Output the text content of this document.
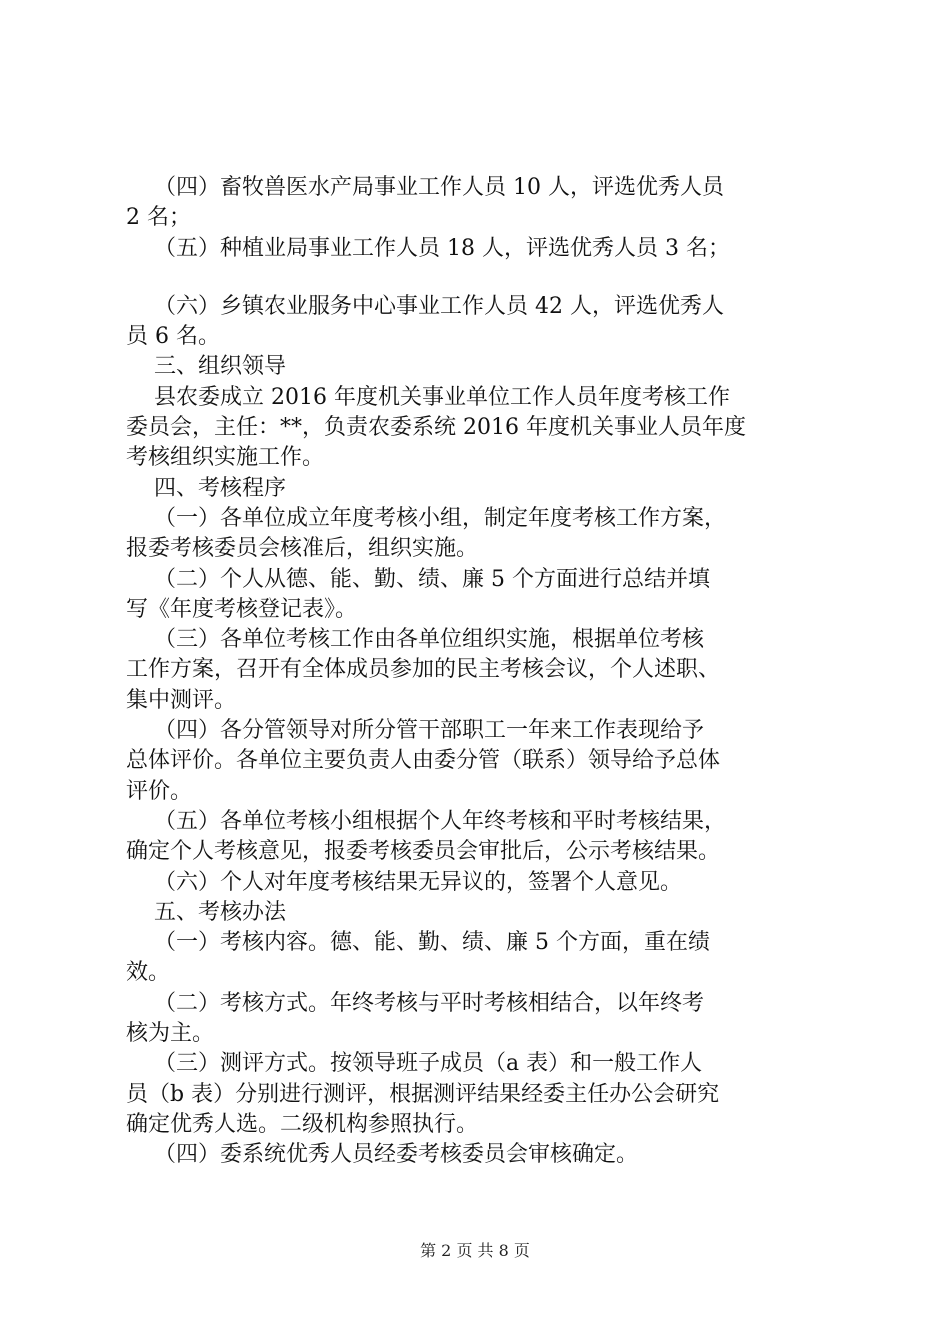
（四）畜牧兽医水产局事业工作人员 10 人，评选优秀人员
2 名；
（五）种植业局事业工作人员 18 人，评选优秀人员 3 名；
（六）乡镇农业服务中心事业工作人员 42 人，评选优秀人
员 6 名。
三、组织领导
县农委成立 2016 年度机关事业单位工作人员年度考核工作
委员会，主任：**，负责农委系统 2016 年度机关事业人员年度
考核组织实施工作。
四、考核程序
（一）各单位成立年度考核小组，制定年度考核工作方案，
报委考核委员会核准后，组织实施。
（二）个人从德、能、勤、绩、廉 5 个方面进行总结并填
写《年度考核登记表》。
（三）各单位考核工作由各单位组织实施，根据单位考核
工作方案，召开有全体成员参加的民主考核会议，个人述职、
集中测评。
（四）各分管领导对所分管干部职工一年来工作表现给予
总体评价。各单位主要负责人由委分管（联系）领导给予总体
评价。
（五）各单位考核小组根据个人年终考核和平时考核结果，
确定个人考核意见，报委考核委员会审批后，公示考核结果。
（六）个人对年度考核结果无异议的，签署个人意见。
五、考核办法
（一）考核内容。德、能、勤、绩、廉 5 个方面，重在绩
效。
（二）考核方式。年终考核与平时考核相结合，以年终考
核为主。
（三）测评方式。按领导班子成员（a 表）和一般工作人
员（b 表）分别进行测评，根据测评结果经委主任办公会研究
确定优秀人选。二级机构参照执行。
（四）委系统优秀人员经委考核委员会审核确定。
第 2 页 共 8 页
